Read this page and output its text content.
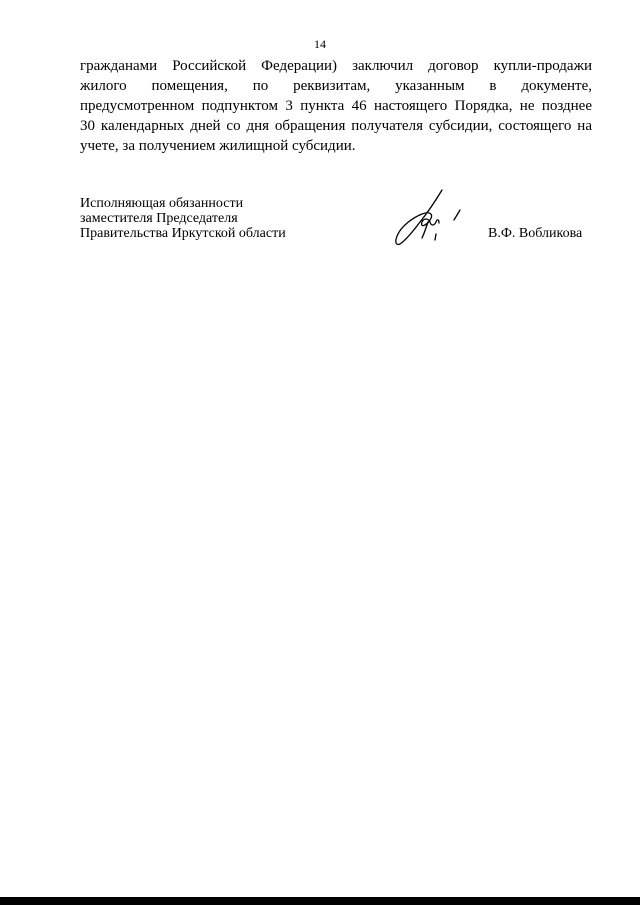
14

гражданами Российской Федерации) заключил договор купли-продажи
жилого помещения, по реквизитам, указанным в документе,
предусмотренном подпунктом 3 пункта 46 настоящего Порядка, не позднее
30 календарных дней со дня обращения получателя субсидии, состоящего на
учете, за получением жилищной субсидии.

Исполняющая обязанности
заместителя Председателя
Правительства Иркутской области	В.Ф. Вобликова
